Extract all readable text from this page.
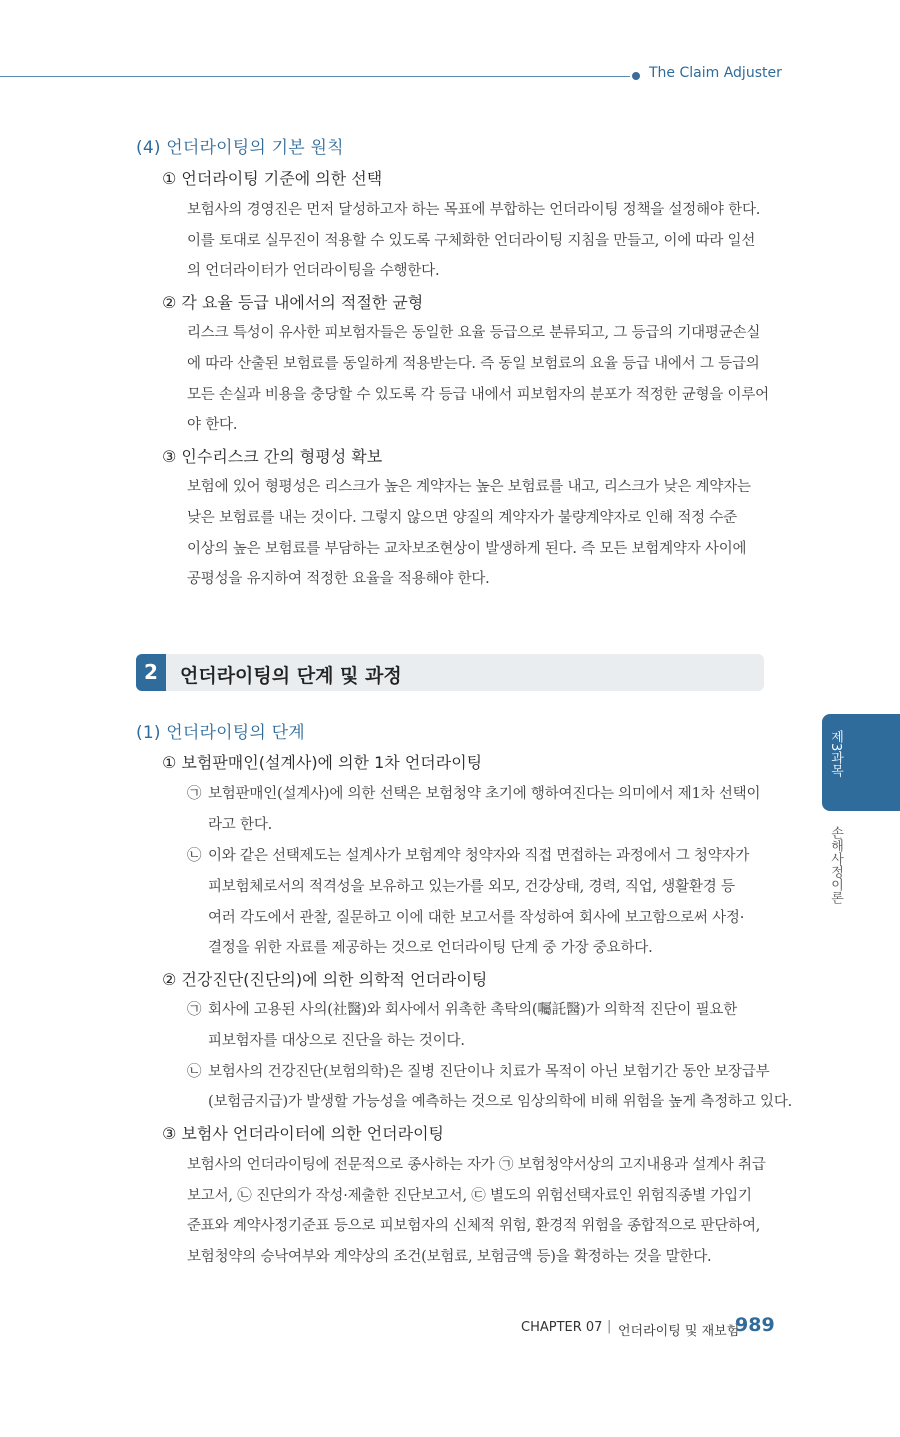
The Claim Adjuster
(4) 언더라이팅의 기본 원칙
① 언더라이팅 기준에 의한 선택
보험사의 경영진은 먼저 달성하고자 하는 목표에 부합하는 언더라이팅 정책을 설정해야 한다.
이를 토대로 실무진이 적용할 수 있도록 구체화한 언더라이팅 지침을 만들고, 이에 따라 일선
의 언더라이터가 언더라이팅을 수행한다.
② 각 요율 등급 내에서의 적절한 균형
리스크 특성이 유사한 피보험자들은 동일한 요율 등급으로 분류되고, 그 등급의 기대평균손실
에 따라 산출된 보험료를 동일하게 적용받는다. 즉 동일 보험료의 요율 등급 내에서 그 등급의
모든 손실과 비용을 충당할 수 있도록 각 등급 내에서 피보험자의 분포가 적정한 균형을 이루어
야 한다.
③ 인수리스크 간의 형평성 확보
보험에 있어 형평성은 리스크가 높은 계약자는 높은 보험료를 내고, 리스크가 낮은 계약자는
낮은 보험료를 내는 것이다. 그렇지 않으면 양질의 계약자가 불량계약자로 인해 적정 수준
이상의 높은 보험료를 부담하는 교차보조현상이 발생하게 된다. 즉 모든 보험계약자 사이에
공평성을 유지하여 적정한 요율을 적용해야 한다.
2	언더라이팅의 단계 및 과정
(1) 언더라이팅의 단계
① 보험판매인(설계사)에 의한 1차 언더라이팅
㉠ 보험판매인(설계사)에 의한 선택은 보험청약 초기에 행하여진다는 의미에서 제1차 선택이
라고 한다.
㉡ 이와 같은 선택제도는 설계사가 보험계약 청약자와 직접 면접하는 과정에서 그 청약자가
피보험체로서의 적격성을 보유하고 있는가를 외모, 건강상태, 경력, 직업, 생활환경 등
여러 각도에서 관찰, 질문하고 이에 대한 보고서를 작성하여 회사에 보고함으로써 사정·
결정을 위한 자료를 제공하는 것으로 언더라이팅 단계 중 가장 중요하다.
② 건강진단(진단의)에 의한 의학적 언더라이팅
㉠ 회사에 고용된 사의(社醫)와 회사에서 위촉한 촉탁의(囑託醫)가 의학적 진단이 필요한
피보험자를 대상으로 진단을 하는 것이다.
㉡ 보험사의 건강진단(보험의학)은 질병 진단이나 치료가 목적이 아닌 보험기간 동안 보장급부
(보험금지급)가 발생할 가능성을 예측하는 것으로 임상의학에 비해 위험을 높게 측정하고 있다.
③ 보험사 언더라이터에 의한 언더라이팅
보험사의 언더라이팅에 전문적으로 종사하는 자가 ㉠ 보험청약서상의 고지내용과 설계사 취급
보고서, ㉡ 진단의가 작성·제출한 진단보고서, ㉢ 별도의 위험선택자료인 위험직종별 가입기
준표와 계약사정기준표 등으로 피보험자의 신체적 위험, 환경적 위험을 종합적으로 판단하여,
보험청약의 승낙여부와 계약상의 조건(보험료, 보험금액 등)을 확정하는 것을 말한다.
제3과목
손해사정이론
CHAPTER 07 | 언더라이팅 및 재보험
989
